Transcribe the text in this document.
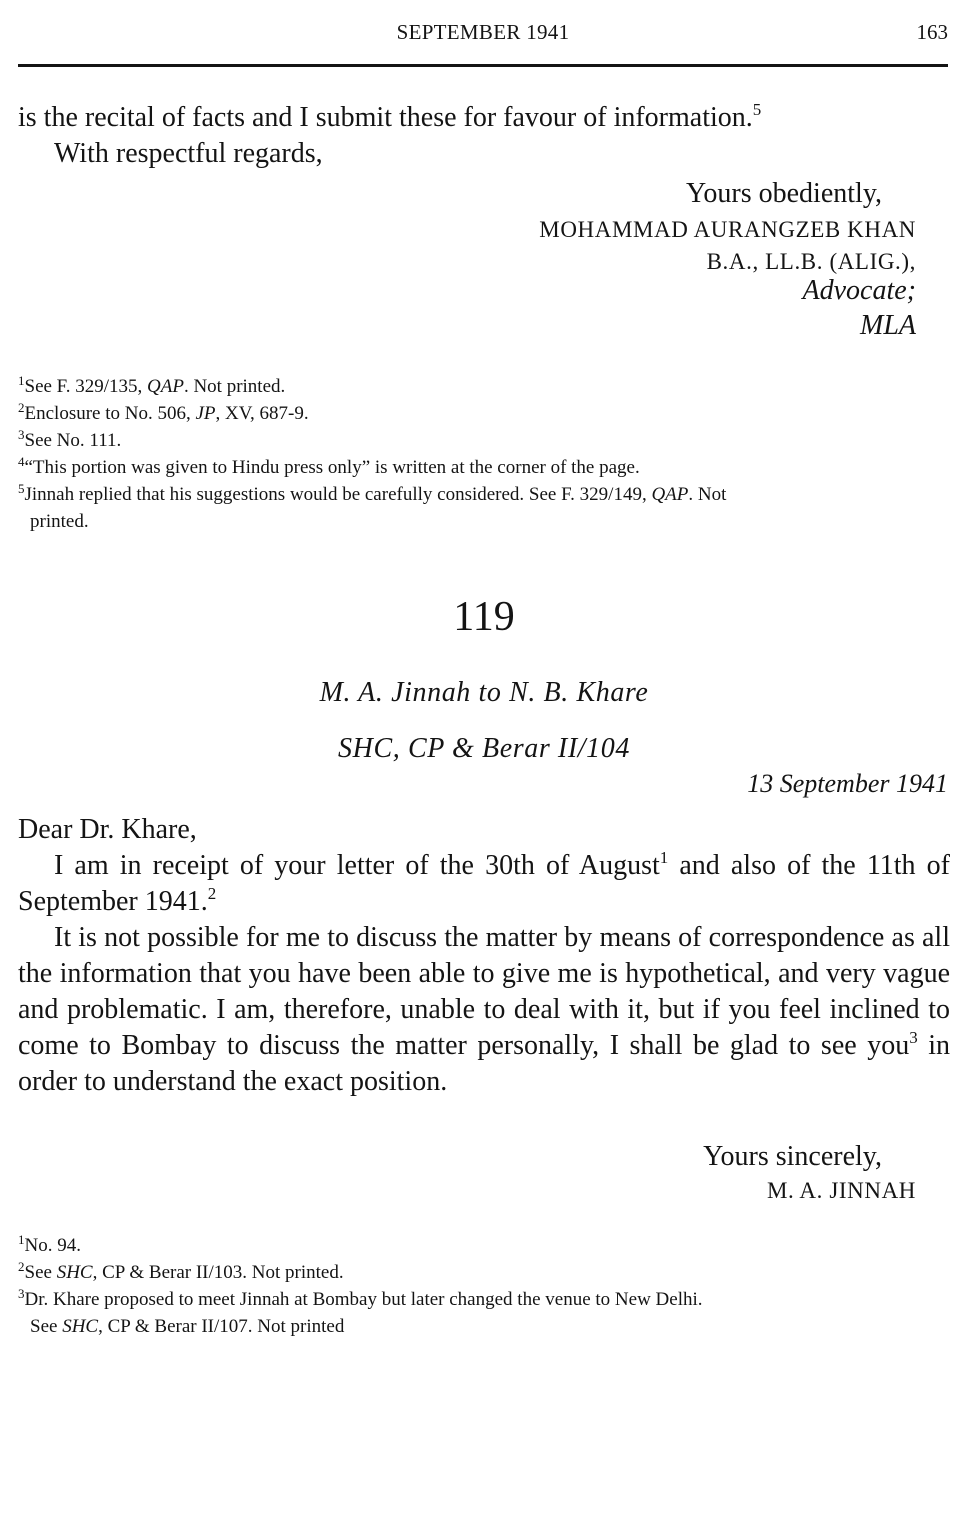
SEPTEMBER 1941	163

is the recital of facts and I submit these for favour of information.$^5$

With respectful regards,

Yours obediently,
MOHAMMAD AURANGZEB KHAN
B.A., LL.B. (ALIG.),
Advocate;
MLA

$^1$See F. 329/135, QAP. Not printed.

$^2$Enclosure to No. 506, JP, XV, 687-9.

$^3$See No. 111.

$^4$“This portion was given to Hindu press only” is written at the corner of the page.

$^5$Jinnah replied that his suggestions would be carefully considered. See F. 329/149, QAP. Not

printed.

119
M. A. Jinnah to N. B. Khare
SHC, CP & Berar II/104
13 September 1941

Dear Dr. Khare,

I am in receipt of your letter of the 30th of August$^1$ and also of the 11th of September 1941.$^2$

It is not possible for me to discuss the matter by means of correspondence as all the information that you have been able to give me is hypothetical, and very vague and problematic. I am, therefore, unable to deal with it, but if you feel inclined to come to Bombay to discuss the matter personally, I shall be glad to see you$^3$ in order to understand the exact position.

Yours sincerely,
M. A. JINNAH

$^1$No. 94.

$^2$See SHC, CP & Berar II/103. Not printed.

$^3$Dr. Khare proposed to meet Jinnah at Bombay but later changed the venue to New Delhi.

See SHC, CP & Berar II/107. Not printed
